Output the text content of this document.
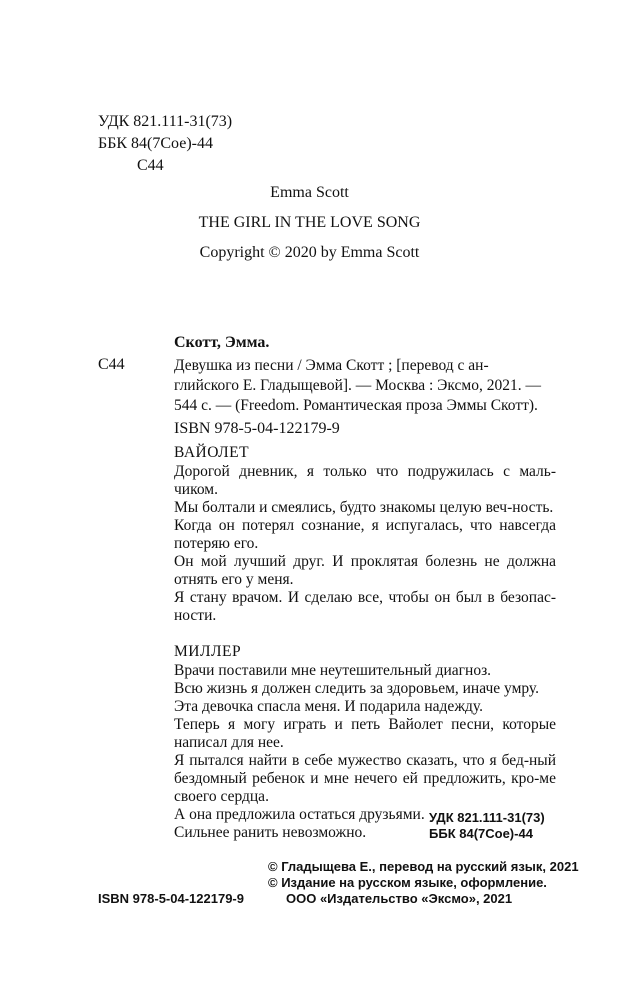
УДК 821.111-31(73)
ББК 84(7Сое)-44
С44
Emma Scott
THE GIRL IN THE LOVE SONG
Copyright © 2020 by Emma Scott
Скотт, Эмма.
С44	Девушка из песни / Эмма Скотт ; [перевод с ан-
глийского Е. Гладыщевой]. — Москва : Эксмо, 2021. —
544 с. — (Freedom. Романтическая проза Эммы Скотт).
ISBN 978-5-04-122179-9

ВАЙОЛЕТ

Дорогой дневник, я только что подружилась с маль-чиком.

Мы болтали и смеялись, будто знакомы целую веч-ность.

Когда он потерял сознание, я испугалась, что навсегда потеряю его.

Он мой лучший друг. И проклятая болезнь не должна отнять его у меня.

Я стану врачом. И сделаю все, чтобы он был в безопас-ности.

МИЛЛЕР

Врачи поставили мне неутешительный диагноз.

Всю жизнь я должен следить за здоровьем, иначе умру.

Эта девочка спасла меня. И подарила надежду.

Теперь я могу играть и петь Вайолет песни, которые написал для нее.

Я пытался найти в себе мужество сказать, что я бед-ный бездомный ребенок и мне нечего ей предложить, кро-ме своего сердца.

А она предложила остаться друзьями.

Сильнее ранить невозможно.

УДК 821.111-31(73)
ББК 84(7Сое)-44
© Гладыщева Е., перевод на русский язык, 2021
© Издание на русском языке, оформление.
ООО «Издательство «Эксмо», 2021
ISBN 978-5-04-122179-9
